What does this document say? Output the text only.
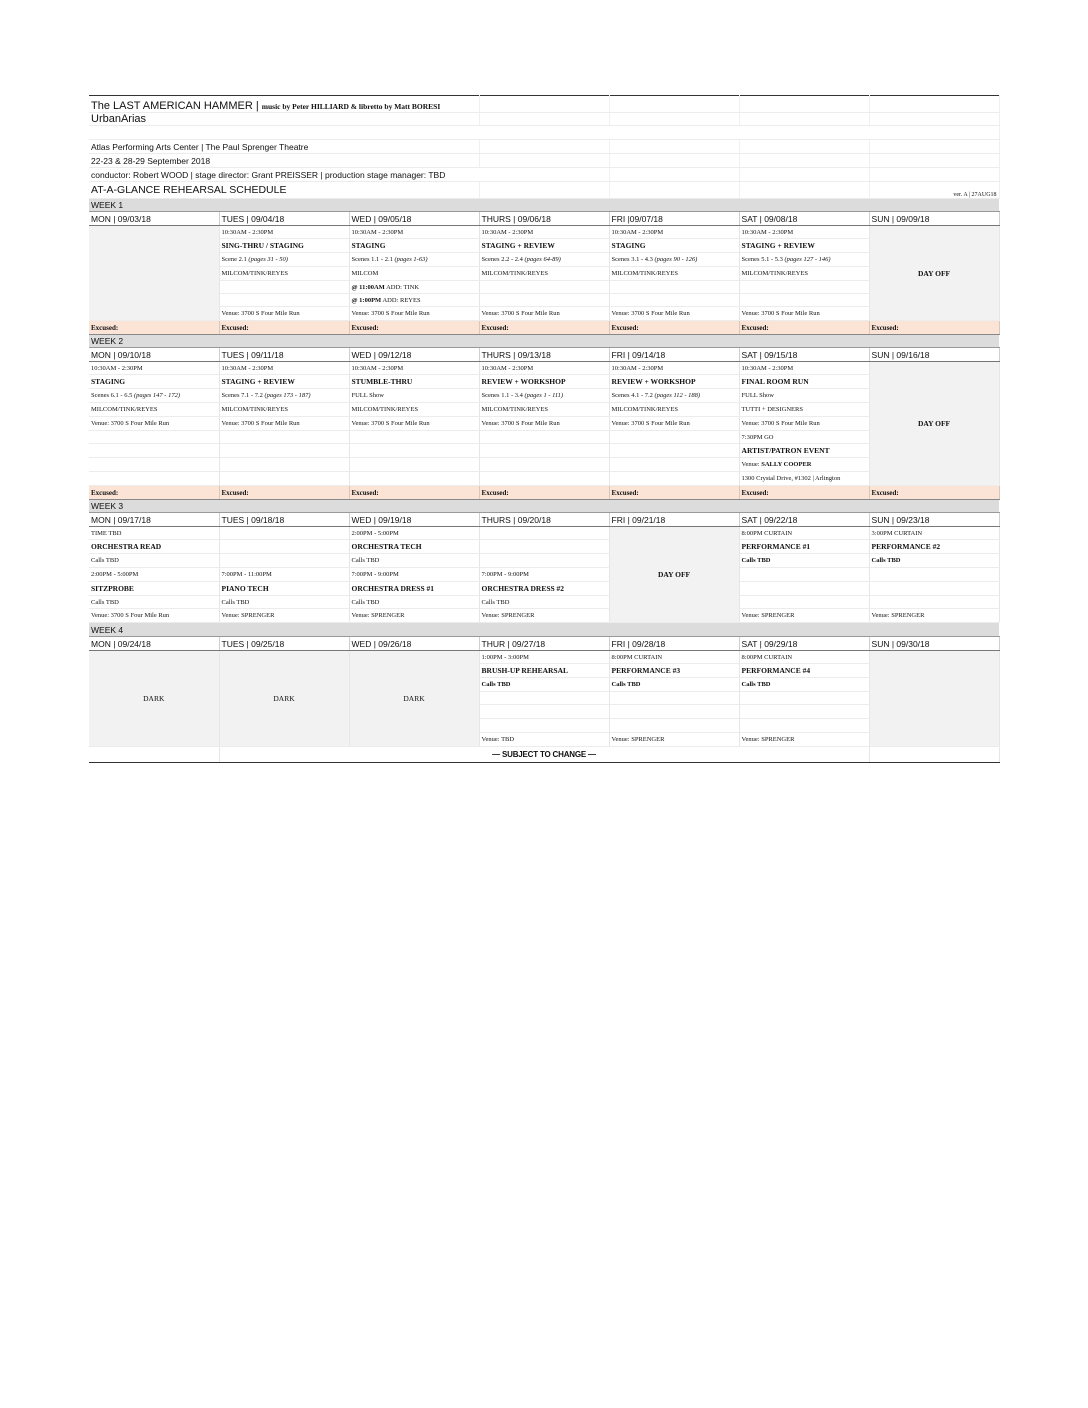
The LAST AMERICAN HAMMER | music by Peter HILLIARD & libretto by Matt BORESI						
UrbanArias						

Atlas Performing Arts Center | The Paul Sprenger Theatre						
22-23 & 28-29 September 2018						
conductor: Robert WOOD | stage director: Grant PREISSER | production stage manager: TBD						
AT-A-GLANCE REHEARSAL SCHEDULE						ver. A | 27AUG18
WEEK 1						
MON | 09/03/18	TUES | 09/04/18	WED | 09/05/18	THURS | 09/06/18	FRI |09/07/18	SAT | 09/08/18	SUN | 09/09/18
	10:30AM - 2:30PM	10:30AM - 2:30PM	10:30AM - 2:30PM	10:30AM - 2:30PM	10:30AM - 2:30PM	DAY OFF
	SING-THRU / STAGING	STAGING	STAGING + REVIEW	STAGING	STAGING + REVIEW	
	Scene 2.1 (pages 31 - 50)	Scenes 1.1 - 2.1 (pages 1-63)	Scenes 2.2 - 2.4 (pages 64-89)	Scenes 3.1 - 4.3 (pages 90 - 126)	Scenes 5.1 - 5.3 (pages 127 - 146)	
	MILCOM/TINK/REYES	MILCOM	MILCOM/TINK/REYES	MILCOM/TINK/REYES	MILCOM/TINK/REYES	
		@ 11:00AM ADD: TINK				
		@ 1:00PM ADD: REYES				
	Venue: 3700 S Four Mile Run	Venue: 3700 S Four Mile Run	Venue: 3700 S Four Mile Run	Venue: 3700 S Four Mile Run	Venue: 3700 S Four Mile Run	
Excused:	Excused:	Excused:	Excused:	Excused:	Excused:	Excused:
WEEK 2						
MON | 09/10/18	TUES | 09/11/18	WED | 09/12/18	THURS | 09/13/18	FRI | 09/14/18	SAT | 09/15/18	SUN | 09/16/18
10:30AM - 2:30PM	10:30AM - 2:30PM	10:30AM - 2:30PM	10:30AM - 2:30PM	10:30AM - 2:30PM	10:30AM - 2:30PM	DAY OFF
STAGING	STAGING + REVIEW	STUMBLE-THRU	REVIEW + WORKSHOP	REVIEW + WORKSHOP	FINAL ROOM RUN	
Scenes 6.1 - 6.5 (pages 147 - 172)	Scenes 7.1 - 7.2 (pages 173 - 187)	FULL Show	Scenes 1.1 - 3.4 (pages 1 - 111)	Scenes 4.1 - 7.2 (pages 112 - 188)	FULL Show	
MILCOM/TINK/REYES	MILCOM/TINK/REYES	MILCOM/TINK/REYES	MILCOM/TINK/REYES	MILCOM/TINK/REYES	TUTTI + DESIGNERS	
Venue: 3700 S Four Mile Run	Venue: 3700 S Four Mile Run	Venue: 3700 S Four Mile Run	Venue: 3700 S Four Mile Run	Venue: 3700 S Four Mile Run	Venue: 3700 S Four Mile Run	
					7:30PM GO	
					ARTIST/PATRON EVENT	
					Venue: SALLY COOPER	
					1300 Crystal Drive, #1302 | Arlington	
Excused:	Excused:	Excused:	Excused:	Excused:	Excused:	Excused:
WEEK 3						
MON | 09/17/18	TUES | 09/18/18	WED | 09/19/18	THURS | 09/20/18	FRI | 09/21/18	SAT | 09/22/18	SUN | 09/23/18
TIME TBD		2:00PM - 5:00PM		DAY OFF	8:00PM CURTAIN	3:00PM CURTAIN
ORCHESTRA READ		ORCHESTRA TECH			PERFORMANCE #1	PERFORMANCE #2
Calls TBD		Calls TBD			Calls TBD	Calls TBD
2:00PM - 5:00PM	7:00PM - 11:00PM	7:00PM - 9:00PM	7:00PM - 9:00PM			
SITZPROBE	PIANO TECH	ORCHESTRA DRESS #1	ORCHESTRA DRESS #2			
Calls TBD	Calls TBD	Calls TBD	Calls TBD			
Venue: 3700 S Four Mile Run	Venue: SPRENGER	Venue: SPRENGER	Venue: SPRENGER		Venue: SPRENGER	Venue: SPRENGER
WEEK 4						
MON | 09/24/18	TUES | 09/25/18	WED | 09/26/18	THUR | 09/27/18	FRI | 09/28/18	SAT | 09/29/18	SUN | 09/30/18
DARK	DARK	DARK	1:00PM - 3:00PM	8:00PM CURTAIN	8:00PM CURTAIN	
			BRUSH-UP REHEARSAL	PERFORMANCE #3	PERFORMANCE #4	
			Calls TBD	Calls TBD	Calls TBD	

			Venue: TBD	Venue: SPRENGER	Venue: SPRENGER	
	— SUBJECT TO CHANGE —					
